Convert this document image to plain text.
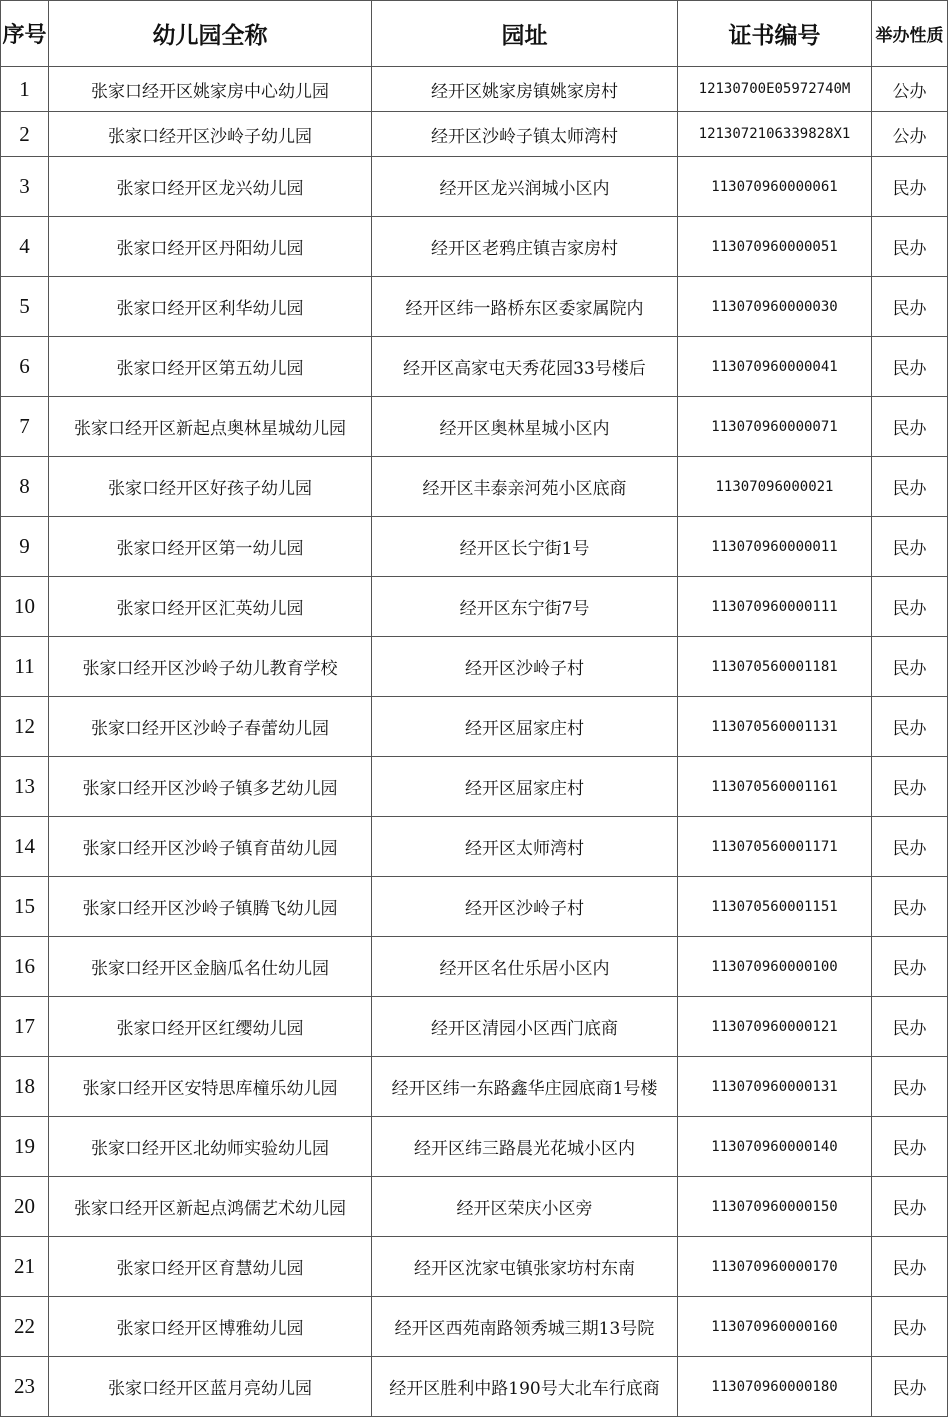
序号	幼儿园全称	园址	证书编号	举办性质
1	张家口经开区姚家房中心幼儿园	经开区姚家房镇姚家房村	12130700E05972740M	公办
2	张家口经开区沙岭子幼儿园	经开区沙岭子镇太师湾村	121307210633982​8X1	公办
3	张家口经开区龙兴幼儿园	经开区龙兴润城小区内	113070960000061	民办
4	张家口经开区丹阳幼儿园	经开区老鸦庄镇吉家房村	113070960000051	民办
5	张家口经开区利华幼儿园	经开区纬一路桥东区委家属院内	113070960000030	民办
6	张家口经开区第五幼儿园	经开区高家屯天秀花园33号楼后	113070960000041	民办
7	张家口经开区新起点奥林星城幼儿园	经开区奥林星城小区内	113070960000071	民办
8	张家口经开区好孩子幼儿园	经开区丰泰亲河苑小区底商	11307096000021	民办
9	张家口经开区第一幼儿园	经开区长宁街1号	113070960000011	民办
10	张家口经开区汇英幼儿园	经开区东宁街7号	113070960000111	民办
11	张家口经开区沙岭子幼儿教育学校	经开区沙岭子村	113070560001181	民办
12	张家口经开区沙岭子春蕾幼儿园	经开区屈家庄村	113070560001131	民办
13	张家口经开区沙岭子镇多艺幼儿园	经开区屈家庄村	113070560001161	民办
14	张家口经开区沙岭子镇育苗幼儿园	经开区太师湾村	113070560001171	民办
15	张家口经开区沙岭子镇腾飞幼儿园	经开区沙岭子村	113070560001151	民办
16	张家口经开区金脑瓜名仕幼儿园	经开区名仕乐居小区内	113070960000100	民办
17	张家口经开区红缨幼儿园	经开区清园小区西门底商	113070960000121	民办
18	张家口经开区安特思库橦乐幼儿园	经开区纬一东路鑫华庄园底商1号楼	113070960000131	民办
19	张家口经开区北幼师实验幼儿园	经开区纬三路晨光花城小区内	113070960000140	民办
20	张家口经开区新起点鸿儒艺术幼儿园	经开区荣庆小区旁	113070960000150	民办
21	张家口经开区育慧幼儿园	经开区沈家屯镇张家坊村东南	113070960000170	民办
22	张家口经开区博雅幼儿园	经开区西苑南路领秀城三期13号院	113070960000160	民办
23	张家口经开区蓝月亮幼儿园	经开区胜利中路190号大北车行底商	113070960000180	民办
